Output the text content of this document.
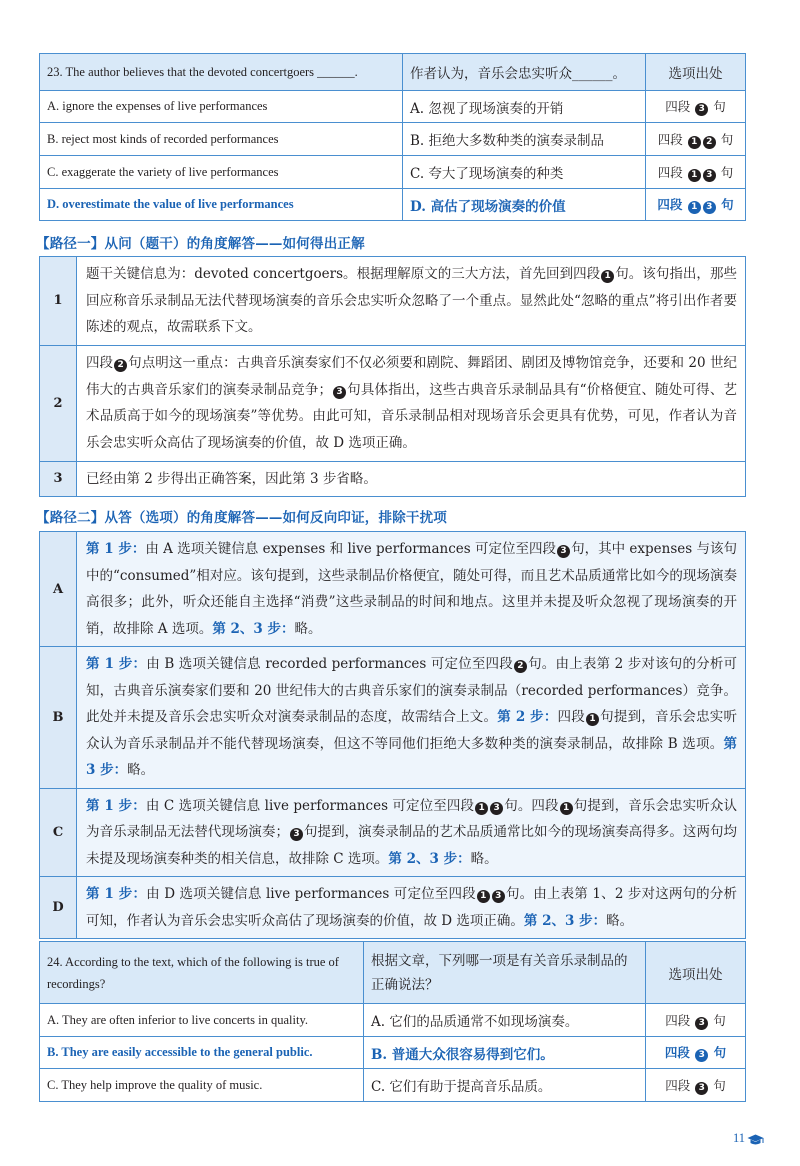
23. The author believes that the devoted concertgoers ______.	作者认为，音乐会忠实听众______。	选项出处
A. ignore the expenses of live performances	A. 忽视了现场演奏的开销	四段 3 句
B. reject most kinds of recorded performances	B. 拒绝大多数种类的演奏录制品	四段 1 2 句
C. exaggerate the variety of live performances	C. 夸大了现场演奏的种类	四段 1 3 句
D. overestimate the value of live performances	D. 高估了现场演奏的价值	四段 1 3 句
【路径一】从问（题干）的角度解答——如何得出正解
1	题干关键信息为：devoted concertgoers。根据理解原文的三大方法，首先回到四段 1 句。该句指出，那些回应称音乐录制品无法代替现场演奏的音乐会忠实听众忽略了一个重点。显然此处“忽略的重点”将引出作者要陈述的观点，故需联系下文。
2	四段 2 句点明这一重点：古典音乐演奏家们不仅必须要和剧院、舞蹈团、剧团及博物馆竞争，还要和 20 世纪伟大的古典音乐家们的演奏录制品竞争； 3 句具体指出，这些古典音乐录制品具有“价格便宜、随处可得、艺术品质高于如今的现场演奏”等优势。由此可知，音乐录制品相对现场音乐会更具有优势，可见，作者认为音乐会忠实听众高估了现场演奏的价值，故 D 选项正确。
3	已经由第 2 步得出正确答案，因此第 3 步省略。
【路径二】从答（选项）的角度解答——如何反向印证，排除干扰项
A	第 1 步：由 A 选项关键信息 expenses 和 live performances 可定位至四段 3 句，其中 expenses 与该句中的“consumed”相对应。该句提到，这些录制品价格便宜，随处可得，而且艺术品质通常比如今的现场演奏高很多；此外，听众还能自主选择“消费”这些录制品的时间和地点。这里并未提及听众忽视了现场演奏的开销，故排除 A 选项。第 2、3 步：略。
B	第 1 步：由 B 选项关键信息 recorded performances 可定位至四段 2 句。由上表第 2 步对该句的分析可知，古典音乐演奏家们要和 20 世纪伟大的古典音乐家们的演奏录制品（recorded performances）竞争。此处并未提及音乐会忠实听众对演奏录制品的态度，故需结合上文。第 2 步：四段 1 句提到，音乐会忠实听众认为音乐录制品并不能代替现场演奏，但这不等同他们拒绝大多数种类的演奏录制品，故排除 B 选项。第 3 步：略。
C	第 1 步：由 C 选项关键信息 live performances 可定位至四段 1 3 句。四段 1 句提到，音乐会忠实听众认为音乐录制品无法替代现场演奏； 3 句提到，演奏录制品的艺术品质通常比如今的现场演奏高得多。这两句均未提及现场演奏种类的相关信息，故排除 C 选项。第 2、3 步：略。
D	第 1 步：由 D 选项关键信息 live performances 可定位至四段 1 3 句。由上表第 1、2 步对这两句的分析可知，作者认为音乐会忠实听众高估了现场演奏的价值，故 D 选项正确。第 2、3 步：略。
24. According to the text, which of the following is true of recordings?	根据文章，下列哪一项是有关音乐录制品的正确说法？	选项出处
A. They are often inferior to live concerts in quality.	A. 它们的品质通常不如现场演奏。	四段 3 句
B. They are easily accessible to the general public.	B. 普通大众很容易得到它们。	四段 3 句
C. They help improve the quality of music.	C. 它们有助于提高音乐品质。	四段 3 句
11
